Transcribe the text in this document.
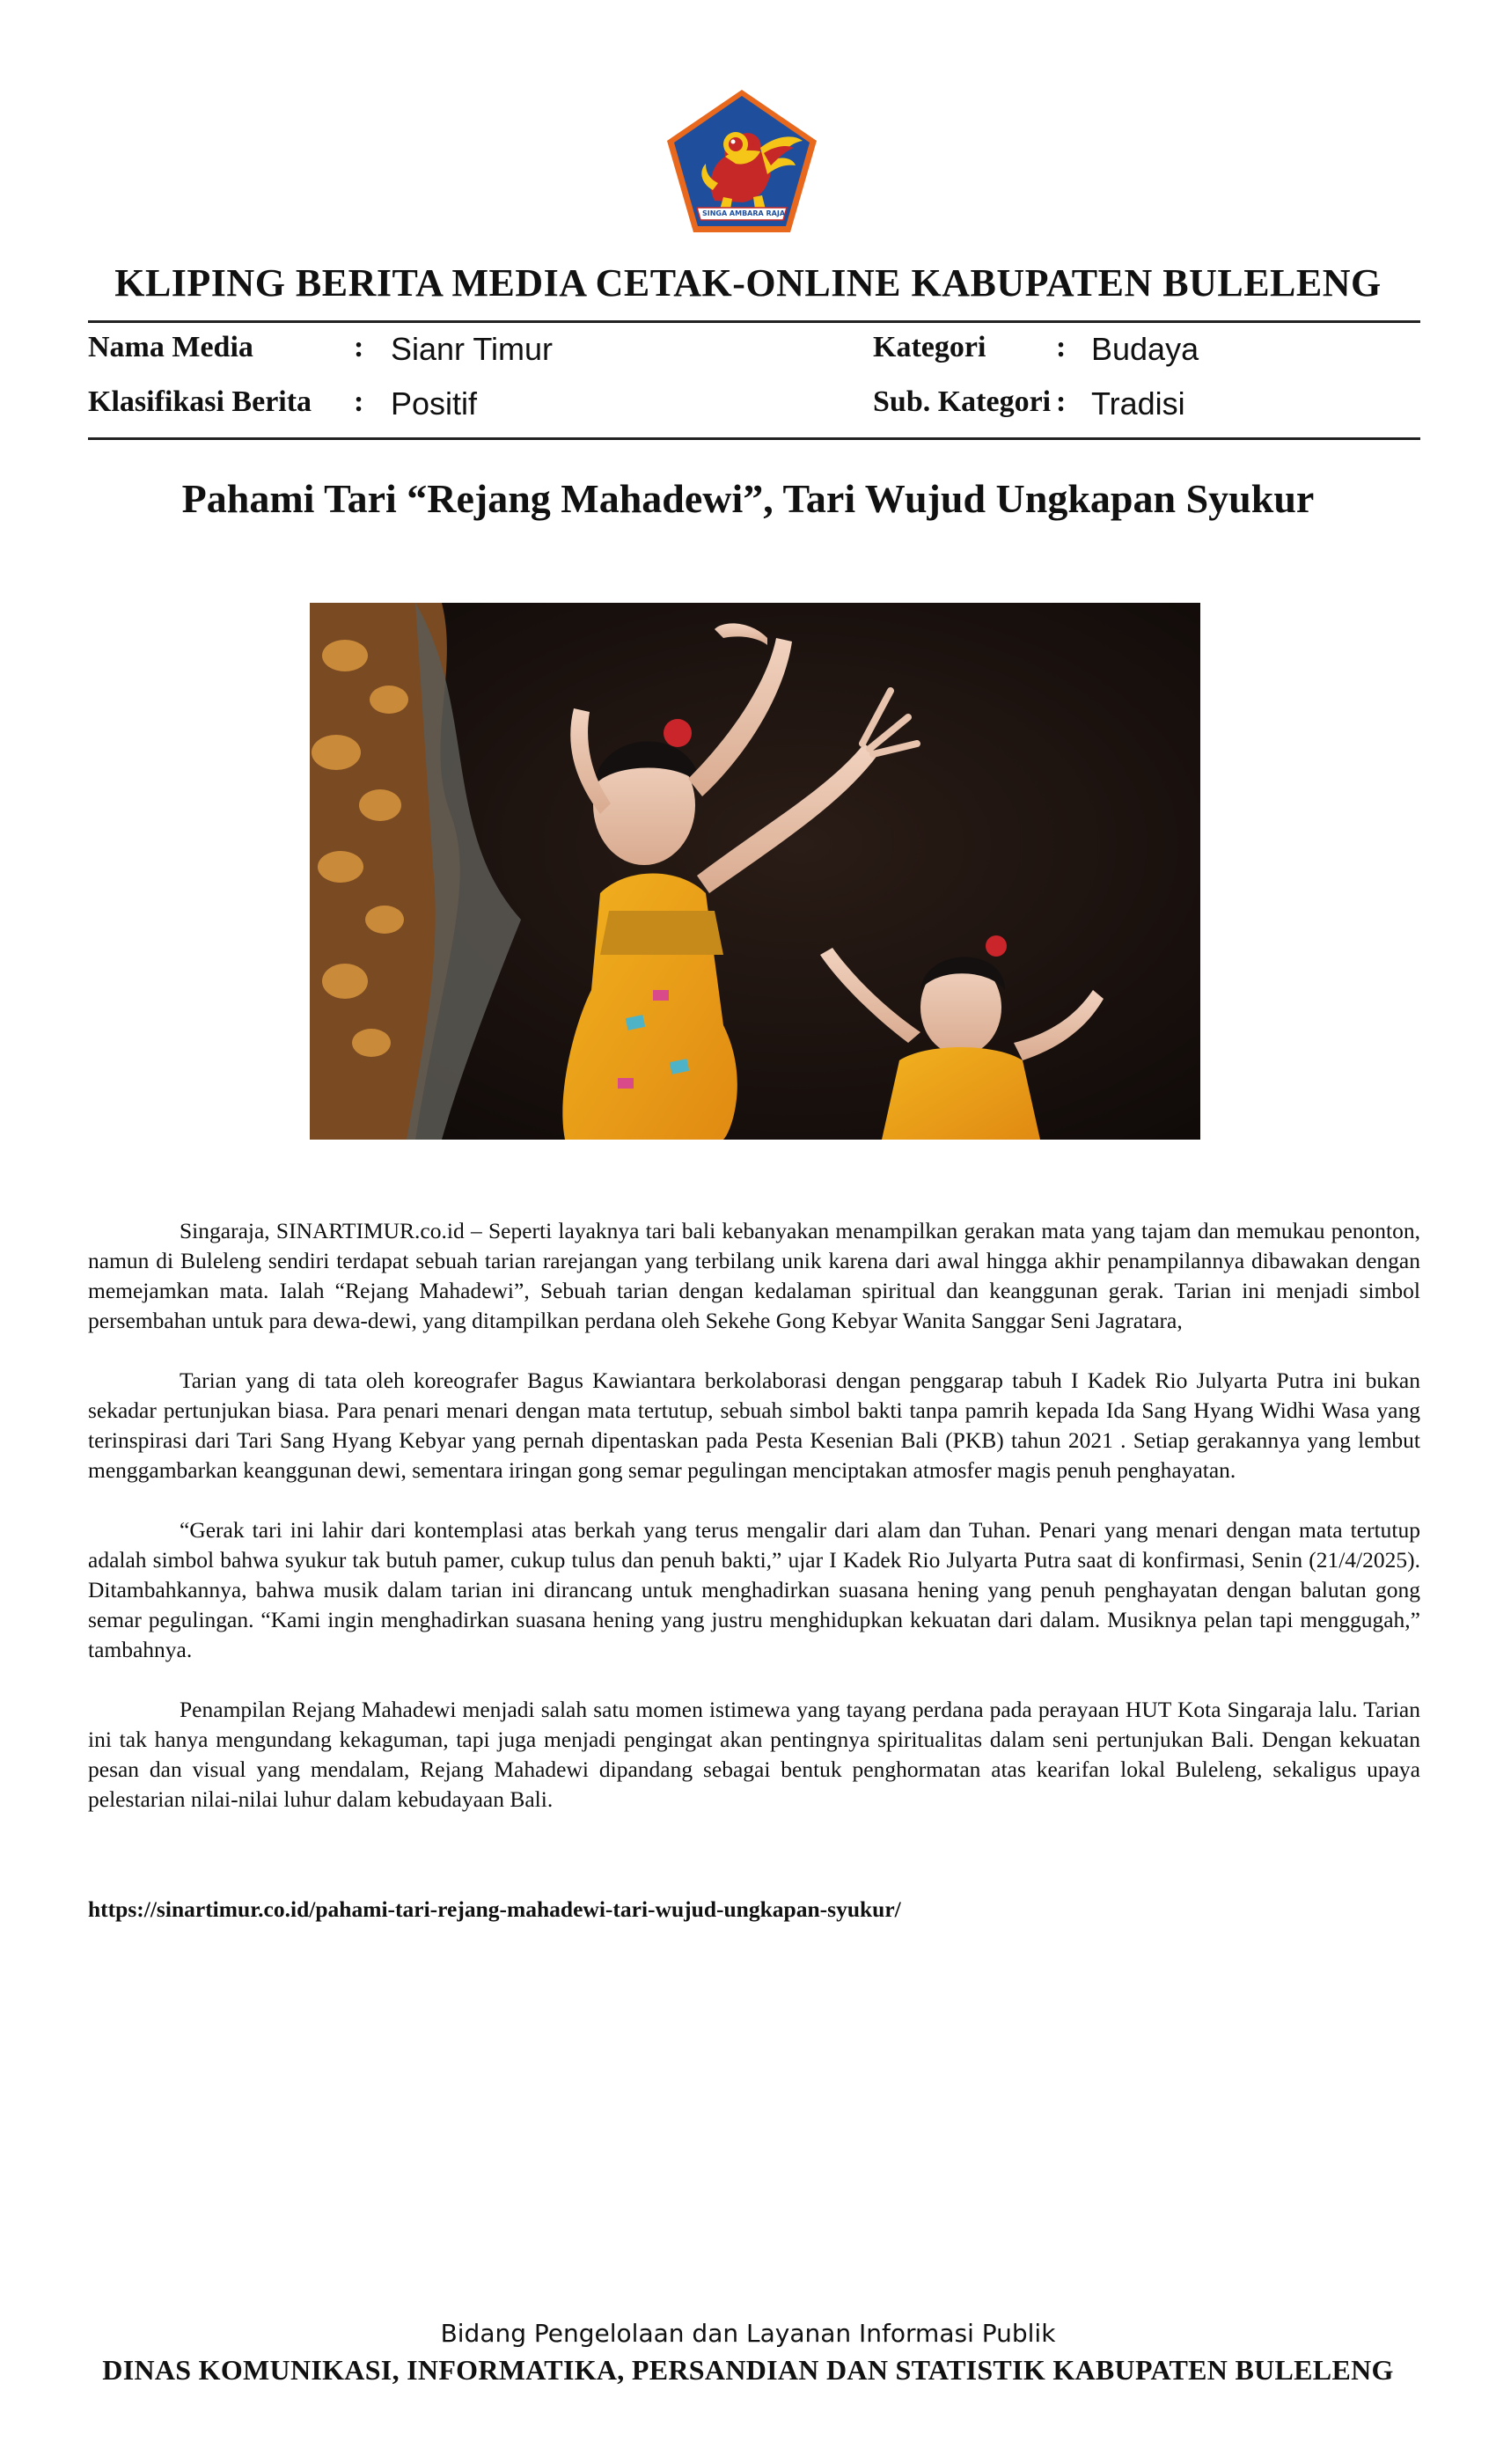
SINGA AMBARA RAJA
KLIPING BERITA MEDIA CETAK-ONLINE KABUPATEN BULELENG
Nama Media	: Sianr Timur
Klasifikasi Berita : Positif
Kategori : Budaya
Sub. Kategori : Tradisi
Pahami Tari “Rejang Mahadewi”, Tari Wujud Ungkapan Syukur

Singaraja, SINARTIMUR.co.id – Seperti layaknya tari bali kebanyakan menampilkan gerakan mata yang tajam dan memukau penonton, namun di Buleleng sendiri terdapat sebuah tarian rarejangan yang terbilang unik karena dari awal hingga akhir penampilannya dibawakan dengan memejamkan mata. Ialah “Rejang Mahadewi”, Sebuah tarian dengan kedalaman spiritual dan keanggunan gerak. Tarian ini menjadi simbol persembahan untuk para dewa-dewi, yang ditampilkan perdana oleh Sekehe Gong Kebyar Wanita Sanggar Seni Jagratara,

Tarian yang di tata oleh koreografer Bagus Kawiantara berkolaborasi dengan penggarap tabuh I Kadek Rio Julyarta Putra ini bukan sekadar pertunjukan biasa. Para penari menari dengan mata tertutup, sebuah simbol bakti tanpa pamrih kepada Ida Sang Hyang Widhi Wasa yang terinspirasi dari Tari Sang Hyang Kebyar yang pernah dipentaskan pada Pesta Kesenian Bali (PKB) tahun 2021 . Setiap gerakannya yang lembut menggambarkan keanggunan dewi, sementara iringan gong semar pegulingan menciptakan atmosfer magis penuh penghayatan.

“Gerak tari ini lahir dari kontemplasi atas berkah yang terus mengalir dari alam dan Tuhan. Penari yang menari dengan mata tertutup adalah simbol bahwa syukur tak butuh pamer, cukup tulus dan penuh bakti,” ujar I Kadek Rio Julyarta Putra saat di konfirmasi, Senin (21/4/2025). Ditambahkannya, bahwa musik dalam tarian ini dirancang untuk menghadirkan suasana hening yang penuh penghayatan dengan balutan gong semar pegulingan. “Kami ingin menghadirkan suasana hening yang justru menghidupkan kekuatan dari dalam. Musiknya pelan tapi menggugah,” tambahnya.

Penampilan Rejang Mahadewi menjadi salah satu momen istimewa yang tayang perdana pada perayaan HUT Kota Singaraja lalu. Tarian ini tak hanya mengundang kekaguman, tapi juga menjadi pengingat akan pentingnya spiritualitas dalam seni pertunjukan Bali. Dengan kekuatan pesan dan visual yang mendalam, Rejang Mahadewi dipandang sebagai bentuk penghormatan atas kearifan lokal Buleleng, sekaligus upaya pelestarian nilai-nilai luhur dalam kebudayaan Bali.

https://sinartimur.co.id/pahami-tari-rejang-mahadewi-tari-wujud-ungkapan-syukur/
Bidang Pengelolaan dan Layanan Informasi Publik
DINAS KOMUNIKASI, INFORMATIKA, PERSANDIAN DAN STATISTIK KABUPATEN BULELENG
